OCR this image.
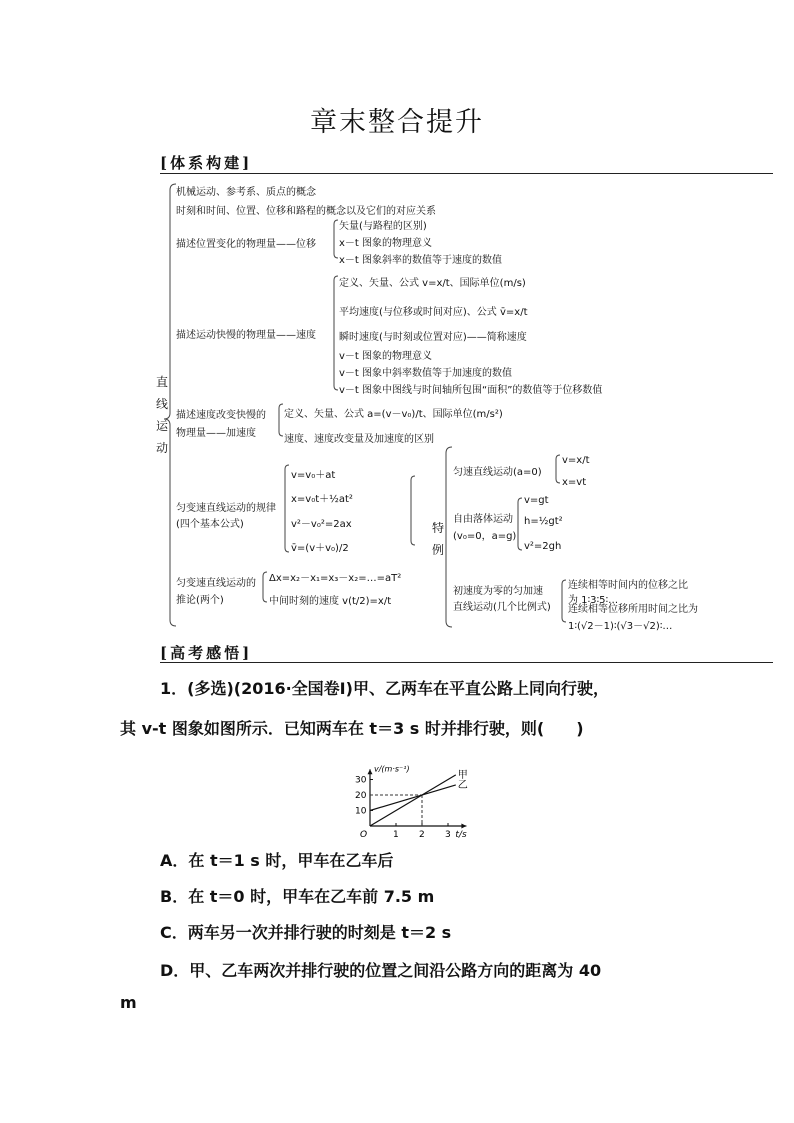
章末整合提升
[体系构建]
直
线
运
动
机械运动、参考系、质点的概念
时刻和时间、位置、位移和路程的概念以及它们的对应关系
描述位置变化的物理量——位移
描述运动快慢的物理量——速度
描述速度改变快慢的
物理量——加速度
匀变速直线运动的规律
(四个基本公式)
匀变速直线运动的
推论(两个)
矢量(与路程的区别)
x－t 图象的物理意义
x－t 图象斜率的数值等于速度的数值
定义、矢量、公式 v=x/t、国际单位(m/s)
平均速度(与位移或时间对应)、公式 v̄=x/t
瞬时速度(与时刻或位置对应)——简称速度
v－t 图象的物理意义
v－t 图象中斜率数值等于加速度的数值
v－t 图象中图线与时间轴所包围“面积”的数值等于位移数值
定义、矢量、公式 a=(v－v₀)/t、国际单位(m/s²)
速度、速度改变量及加速度的区别
v=v₀＋at
x=v₀t＋½at²
v²－v₀²=2ax
v̄=(v＋v₀)/2
Δx=x₂－x₁=x₃－x₂=…=aT²
中间时刻的速度 v(t/2)=x/t
特
例
匀速直线运动(a=0)
v=x/t
x=vt
自由落体运动
(v₀=0，a=g)
v=gt
h=½gt²
v²=2gh
初速度为零的匀加速
直线运动(几个比例式)
连续相等时间内的位移之比
为 1∶3∶5∶…
连续相等位移所用时间之比为
1∶(√2－1)∶(√3－√2)∶…
[高考感悟]
1．(多选)(2016·全国卷Ⅰ)甲、乙两车在平直公路上同向行驶，
其 v-t 图象如图所示．已知两车在 t＝3 s 时并排行驶，则(　　)
v/(m·s⁻¹)
t/s
O	1 2 3
10
20
30	甲
乙
A．在 t＝1 s 时，甲车在乙车后
B．在 t＝0 时，甲车在乙车前 7.5 m
C．两车另一次并排行驶的时刻是 t＝2 s
D．甲、乙车两次并排行驶的位置之间沿公路方向的距离为 40
m
